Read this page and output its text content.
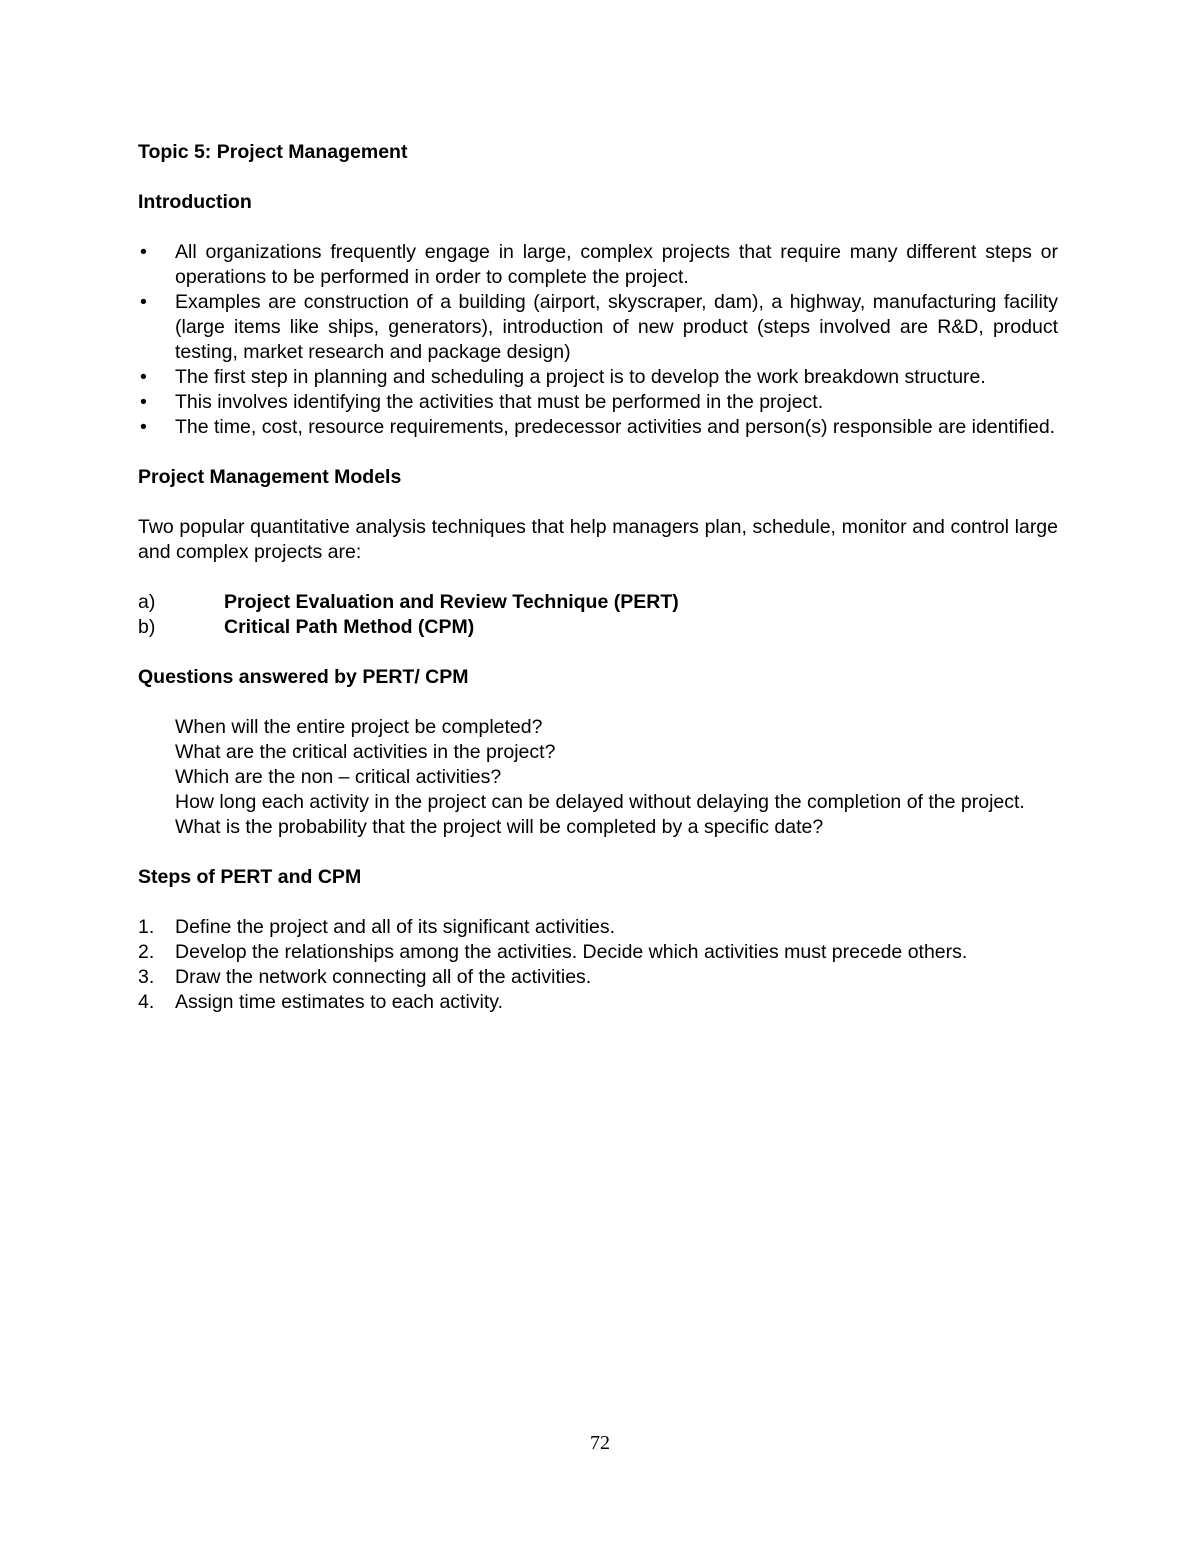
Topic 5: Project Management

Introduction

• All organizations frequently engage in large, complex projects that require many different steps or operations to be performed in order to complete the project.
• Examples are construction of a building (airport, skyscraper, dam), a highway, manufacturing facility (large items like ships, generators), introduction of new product (steps involved are R&D, product testing, market research and package design)
• The first step in planning and scheduling a project is to develop the work breakdown structure.
• This involves identifying the activities that must be performed in the project.
• The time, cost, resource requirements, predecessor activities and person(s) responsible are identified.

Project Management Models

Two popular quantitative analysis techniques that help managers plan, schedule, monitor and control large and complex projects are:

a)	Project Evaluation and Review Technique (PERT)
b)	Critical Path Method (CPM)

Questions answered by PERT/ CPM

When will the entire project be completed?
What are the critical activities in the project?
Which are the non – critical activities?
How long each activity in the project can be delayed without delaying the completion of the project.
What is the probability that the project will be completed by a specific date?

Steps of PERT and CPM

1. Define the project and all of its significant activities.
2. Develop the relationships among the activities. Decide which activities must precede others.
3. Draw the network connecting all of the activities.
4. Assign time estimates to each activity.
72
